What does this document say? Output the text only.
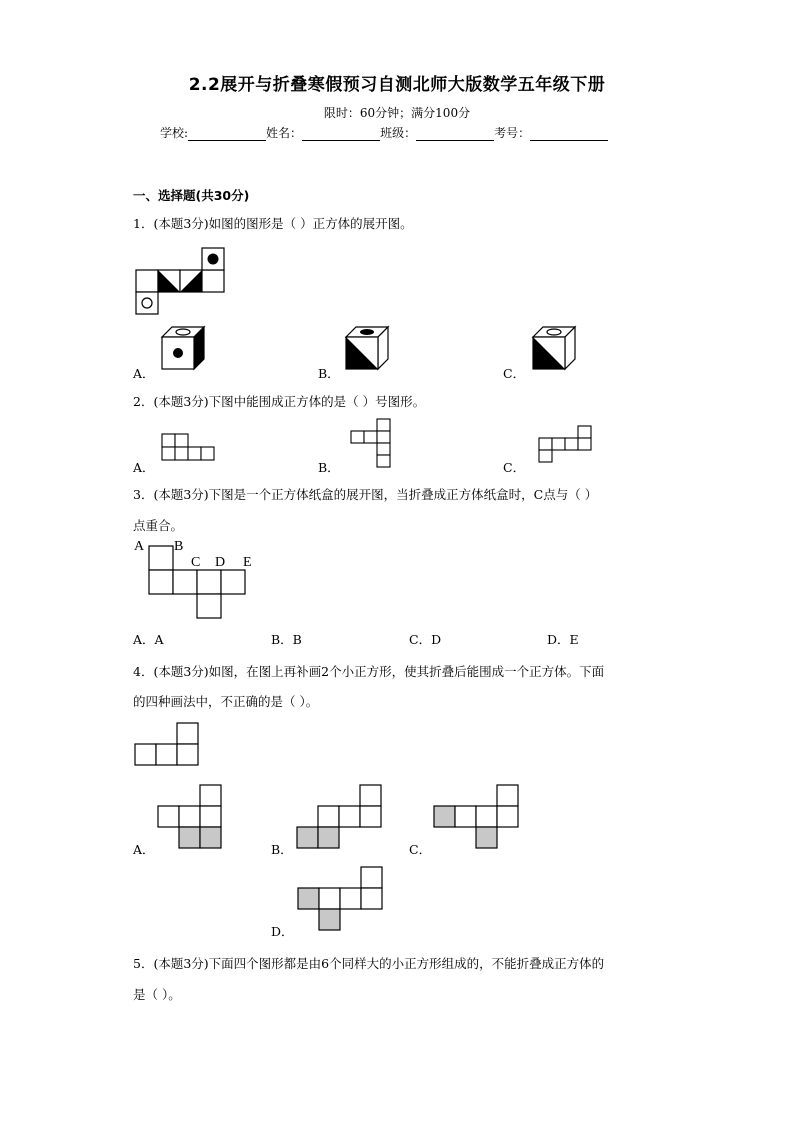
2.2展开与折叠寒假预习自测北师大版数学五年级下册
限时：60分钟；满分100分
学校:	姓名：	班级：	考号：
一、选择题(共30分)
1．(本题3分)如图的图形是（ ）正方体的展开图。
A．	B．	C．
2．(本题3分)下图中能围成正方体的是（ ）号图形。
A．	B．	C．
3．(本题3分)下图是一个正方体纸盒的展开图，当折叠成正方体纸盒时，C点与（ ）
点重合。
A B
C D E
A．A	B．B	C．D	D．E
4．(本题3分)如图，在图上再补画2个小正方形，使其折叠后能围成一个正方体。下面
的四种画法中，不正确的是（ ）。
A．	B．	C．
D．
5．(本题3分)下面四个图形都是由6个同样大的小正方形组成的，不能折叠成正方体的
是（ ）。
